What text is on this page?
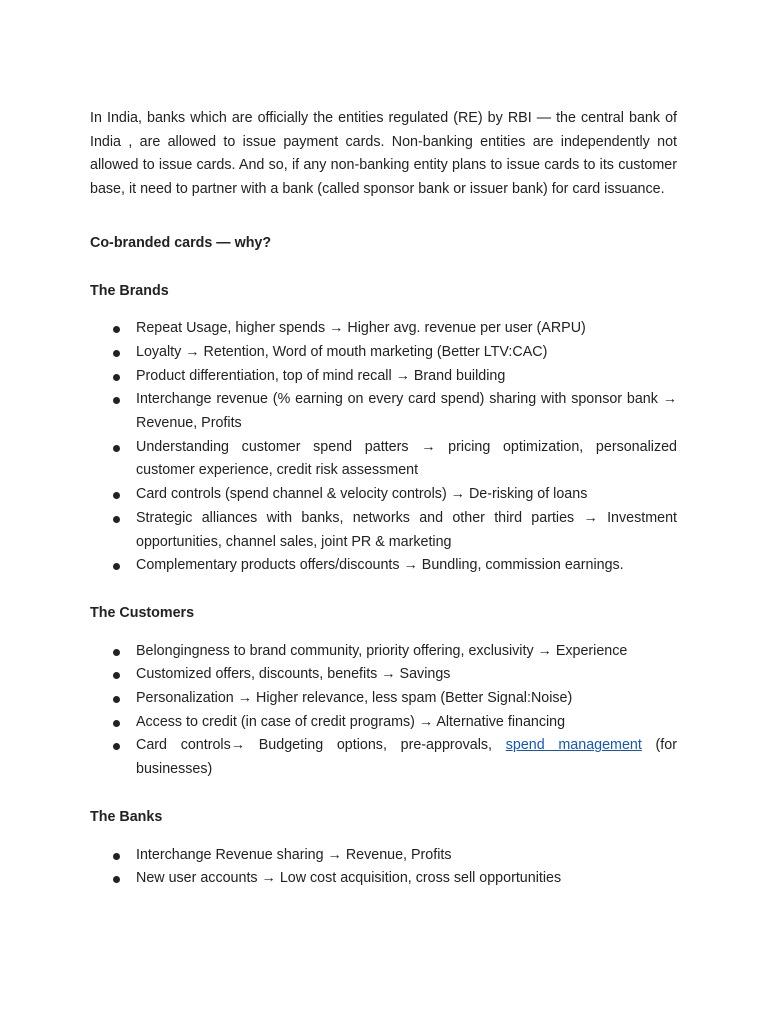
In India, banks which are officially the entities regulated (RE) by RBI — the central bank of India , are allowed to issue payment cards. Non-banking entities are independently not allowed to issue cards. And so, if any non-banking entity plans to issue cards to its customer base, it need to partner with a bank (called sponsor bank or issuer bank) for card issuance.

Co-branded cards — why?
The Brands
Repeat Usage, higher spends → Higher avg. revenue per user (ARPU)
Loyalty → Retention, Word of mouth marketing (Better LTV:CAC)
Product differentiation, top of mind recall → Brand building
Interchange revenue (% earning on every card spend) sharing with sponsor bank → Revenue, Profits
Understanding customer spend patters → pricing optimization, personalized customer experience, credit risk assessment
Card controls (spend channel & velocity controls) → De-risking of loans
Strategic alliances with banks, networks and other third parties → Investment opportunities, channel sales, joint PR & marketing
Complementary products offers/discounts → Bundling, commission earnings.
The Customers
Belongingness to brand community, priority offering, exclusivity → Experience
Customized offers, discounts, benefits → Savings
Personalization → Higher relevance, less spam (Better Signal:Noise)
Access to credit (in case of credit programs) → Alternative financing
Card controls→ Budgeting options, pre-approvals, spend management (for businesses)
The Banks
Interchange Revenue sharing → Revenue, Profits
New user accounts → Low cost acquisition, cross sell opportunities
